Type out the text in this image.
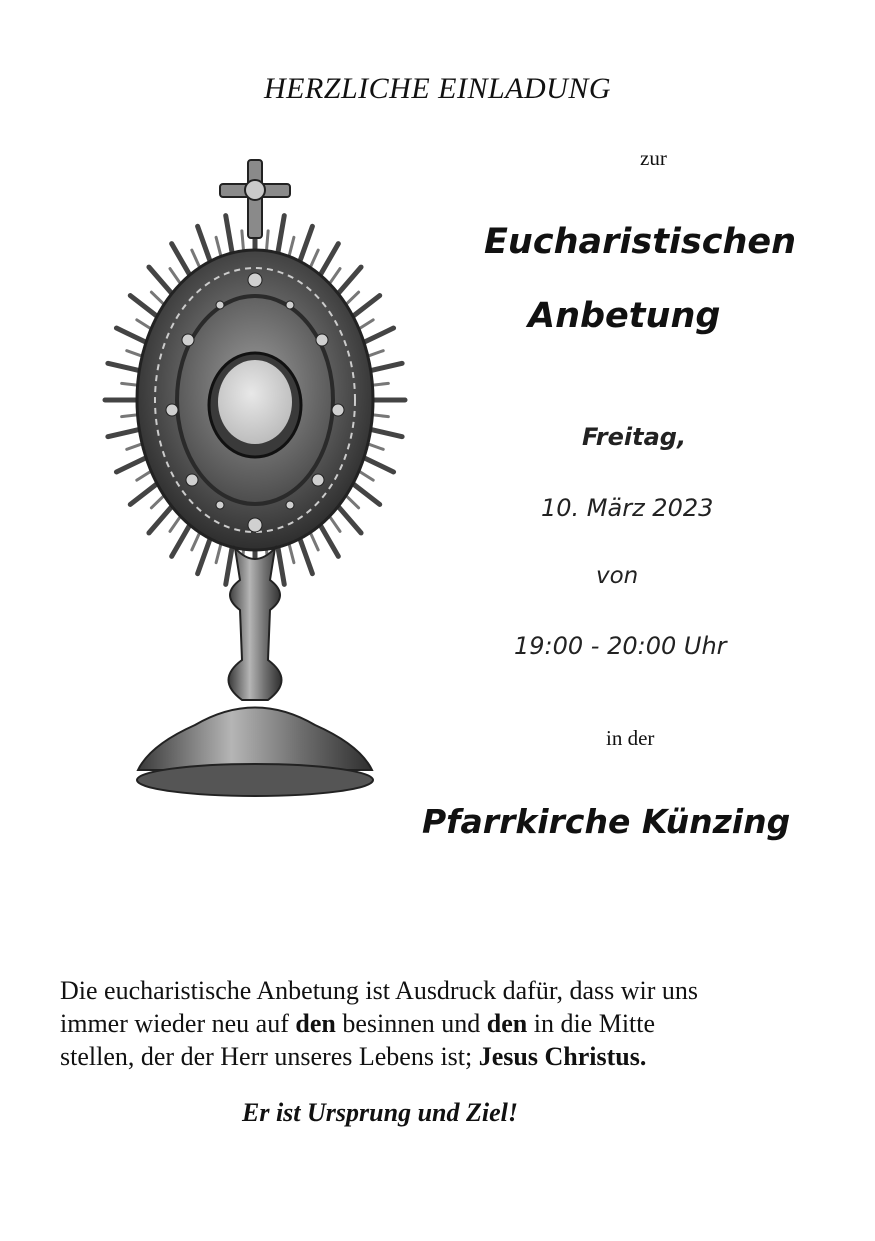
HERZLICHE EINLADUNG
zur
Eucharistischen
Anbetung
Freitag,
10. März 2023
von
19:00 - 20:00 Uhr
in der
Pfarrkirche Künzing
Die eucharistische Anbetung ist Ausdruck dafür, dass wir uns
immer wieder neu auf den besinnen und den in die Mitte
stellen, der der Herr unseres Lebens ist; Jesus Christus.
Er ist Ursprung und Ziel!
